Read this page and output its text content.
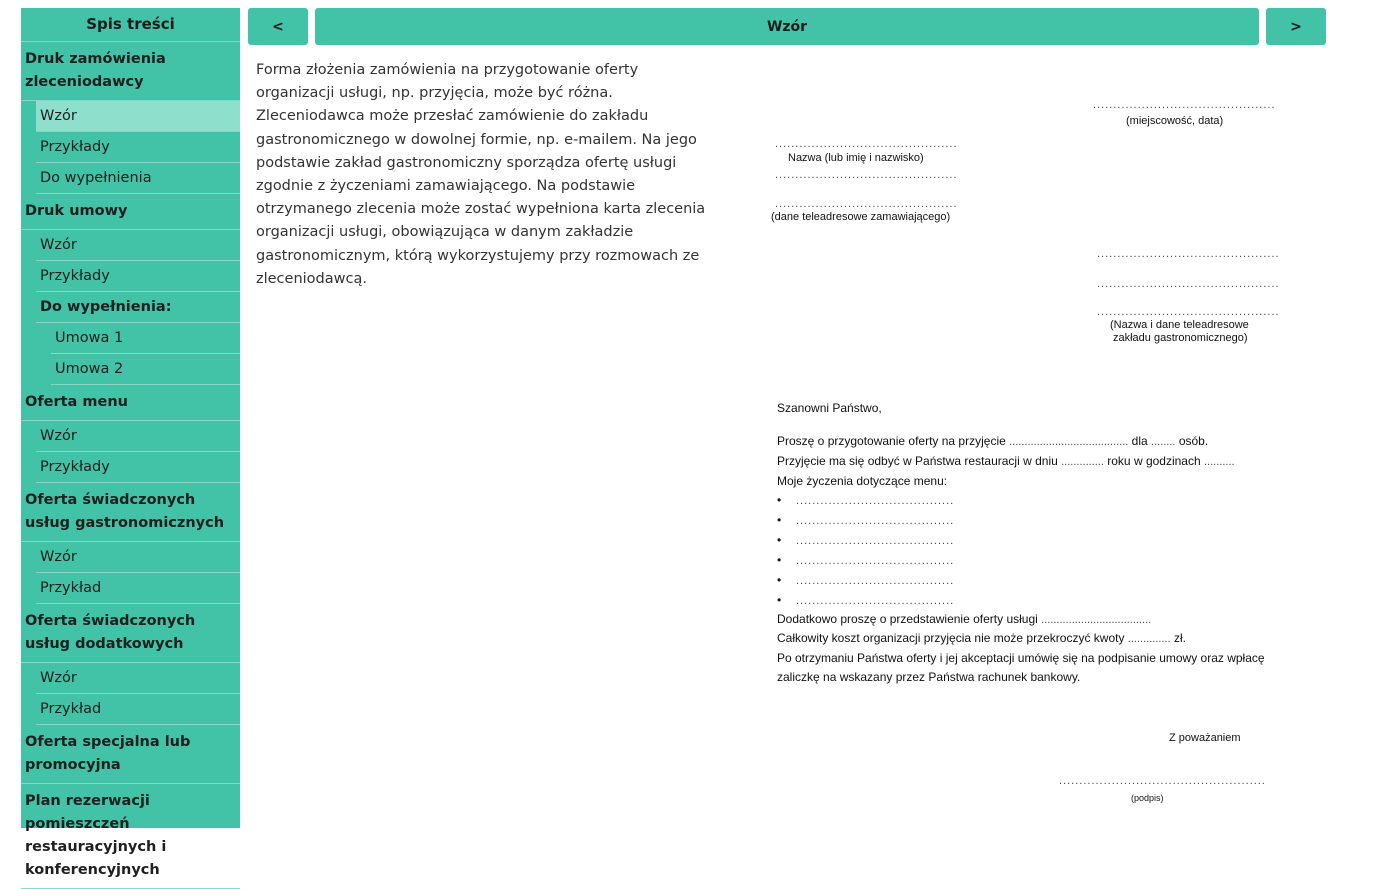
Spis treści
Druk zamówienia zleceniodawcy
Wzór
Przykłady
Do wypełnienia
Druk umowy
Wzór
Przykłady
Do wypełnienia:
Umowa 1
Umowa 2
Oferta menu
Wzór
Przykłady
Oferta świadczonych usług gastronomicznych
Wzór
Przykład
Oferta świadczonych usług dodatkowych
Wzór
Przykład
Oferta specjalna lub promocyjna
Plan rezerwacji pomieszczeń restauracyjnych i konferencyjnych
<	Wzór	>

Forma złożenia zamówienia na przygotowanie oferty organizacji usługi, np. przyjęcia, może być różna. Zleceniodawca może przesłać zamówienie do zakładu gastronomicznego w dowolnej formie, np. e-mailem. Na jego podstawie zakład gastronomiczny sporządza ofertę usługi zgodnie z życzeniami zamawiającego. Na podstawie otrzymanego zlecenia może zostać wypełniona karta zlecenia organizacji usługi, obowiązująca w danym zakładzie gastronomicznym, którą wykorzystujemy przy rozmowach ze zleceniodawcą.

.............................................
(miejscowość, data)
.............................................
Nazwa (lub imię i nazwisko)
.............................................
.............................................
(dane teleadresowe zamawiającego)
.............................................
.............................................
.............................................
(Nazwa i dane teleadresowe
zakładu gastronomicznego)
Szanowni Państwo,
Proszę o przygotowanie oferty na przyjęcie ....................................... dla ........ osób.
Przyjęcie ma się odbyć w Państwa restauracji w dniu .............. roku w godzinach ..........
Moje życzenia dotyczące menu:
• .......................................
• .......................................
• .......................................
• .......................................
• .......................................
• .......................................
Dodatkowo proszę o przedstawienie oferty usługi ....................................
Całkowity koszt organizacji przyjęcia nie może przekroczyć kwoty .............. zł.
Po otrzymaniu Państwa oferty i jej akceptacji umówię się na podpisanie umowy oraz wpłacę
zaliczkę na wskazany przez Państwa rachunek bankowy.
Z poważaniem
...................................................
(podpis)
